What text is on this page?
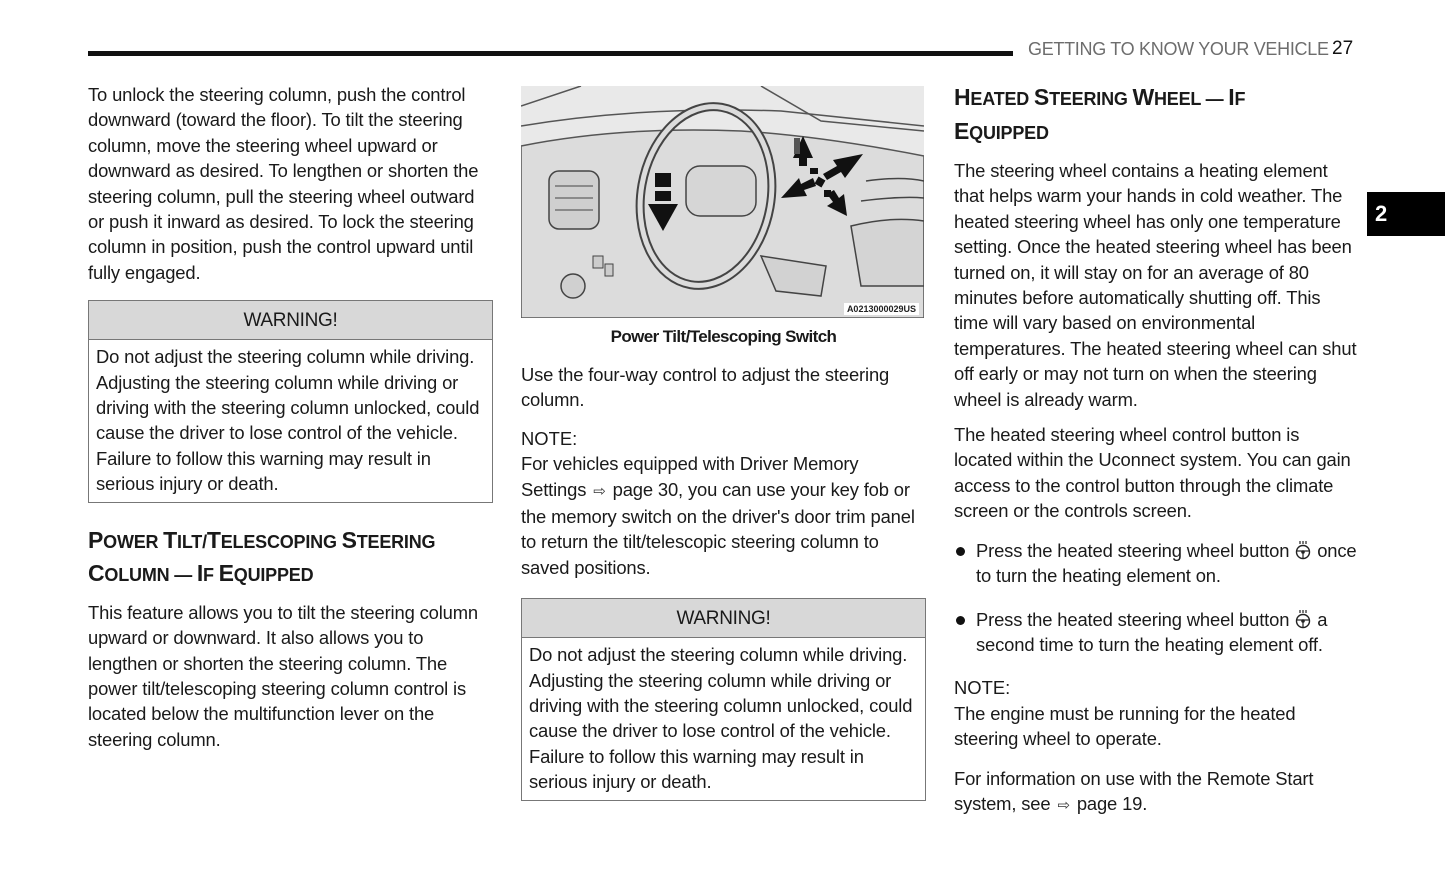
GETTING TO KNOW YOUR VEHICLE 27
2

To unlock the steering column, push the control downward (toward the floor). To tilt the steering column, move the steering wheel upward or downward as desired. To lengthen or shorten the steering column, pull the steering wheel outward or push it inward as desired. To lock the steering column in position, push the control upward until fully engaged.

WARNING!
Do not adjust the steering column while driving. Adjusting the steering column while driving or driving with the steering column unlocked, could cause the driver to lose control of the vehicle. Failure to follow this warning may result in serious injury or death.
POWER TILT/TELESCOPING STEERING
COLUMN — IF EQUIPPED

This feature allows you to tilt the steering column upward or downward. It also allows you to lengthen or shorten the steering column. The power tilt/telescoping steering column control is located below the multifunction lever on the steering column.

A0213000029US
Power Tilt/Telescoping Switch

Use the four-way control to adjust the steering column.

NOTE:

For vehicles equipped with Driver Memory Settings ⇨ page 30, you can use your key fob or the memory switch on the driver's door trim panel to return the tilt/telescopic steering column to saved positions.

WARNING!
Do not adjust the steering column while driving. Adjusting the steering column while driving or driving with the steering column unlocked, could cause the driver to lose control of the vehicle. Failure to follow this warning may result in serious injury or death.
HEATED STEERING WHEEL — IF
EQUIPPED

The steering wheel contains a heating element that helps warm your hands in cold weather. The heated steering wheel has only one temperature setting. Once the heated steering wheel has been turned on, it will stay on for an average of 80 minutes before automatically shutting off. This time will vary based on environmental temperatures. The heated steering wheel can shut off early or may not turn on when the steering wheel is already warm.

The heated steering wheel control button is located within the Uconnect system. You can gain access to the control button through the climate screen or the controls screen.

Press the heated steering wheel button once to turn the heating element on.
Press the heated steering wheel button a second time to turn the heating element off.
NOTE:

The engine must be running for the heated steering wheel to operate.

For information on use with the Remote Start system, see ⇨ page 19.
